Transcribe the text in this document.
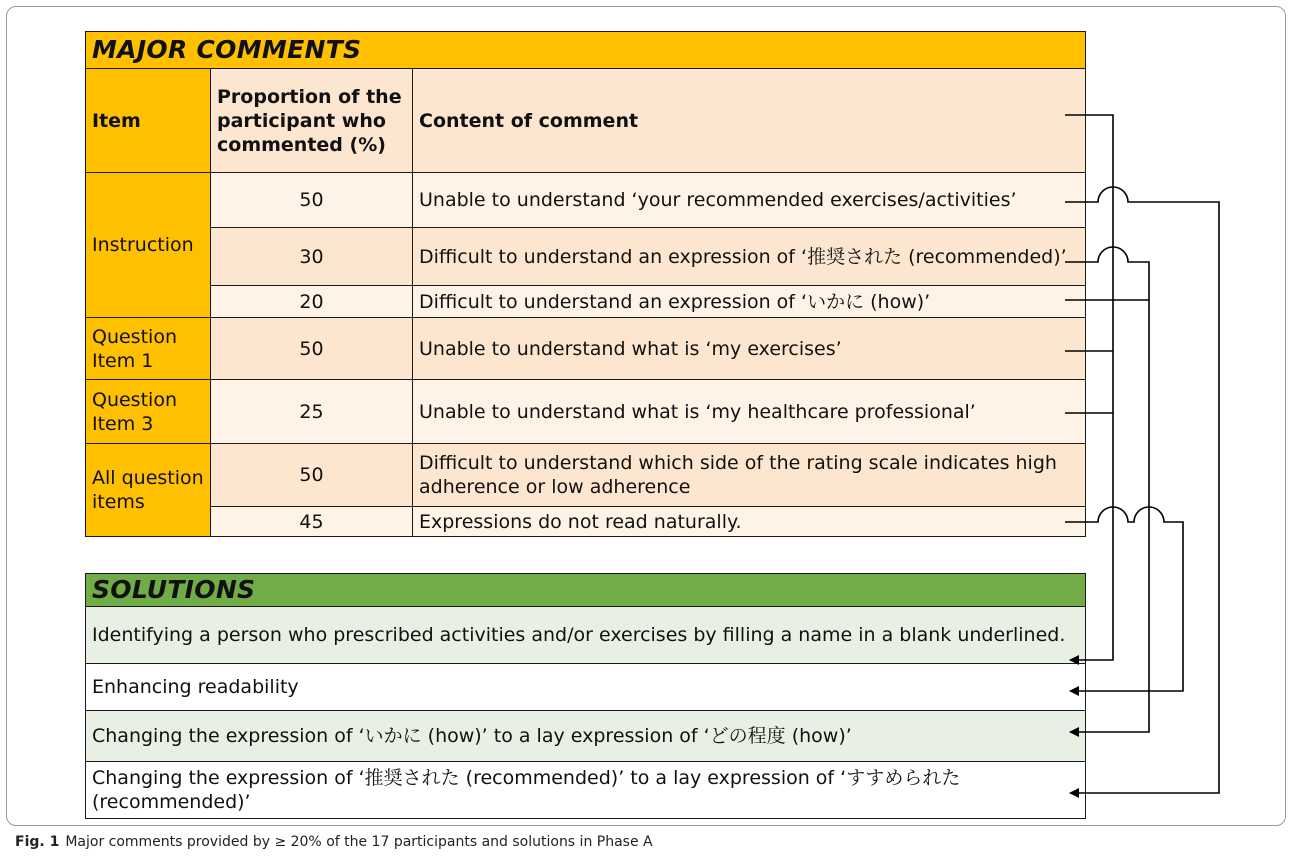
MAJOR COMMENTS		
Item	Proportion of the participant who commented (%)	Content of comment
Instruction	50	Unable to understand ‘your recommended exercises/activities’
	30	Difficult to understand an expression of ‘推奨された (recommended)’
	20	Difficult to understand an expression of ‘いかに (how)’
Question Item 1	50	Unable to understand what is ‘my exercises’
Question Item 3	25	Unable to understand what is ‘my healthcare professional’
All question items	50	Difficult to understand which side of the rating scale indicates high adherence or low adherence
	45	Expressions do not read naturally.
SOLUTIONS
Identifying a person who prescribed activities and/or exercises by filling a name in a blank underlined.
Enhancing readability
Changing the expression of ‘いかに (how)’ to a lay expression of ‘どの程度 (how)’
Changing the expression of ‘推奨された (recommended)’ to a lay expression of ‘すすめられた (recommended)’
Fig. 1 Major comments provided by ≥ 20% of the 17 participants and solutions in Phase A
